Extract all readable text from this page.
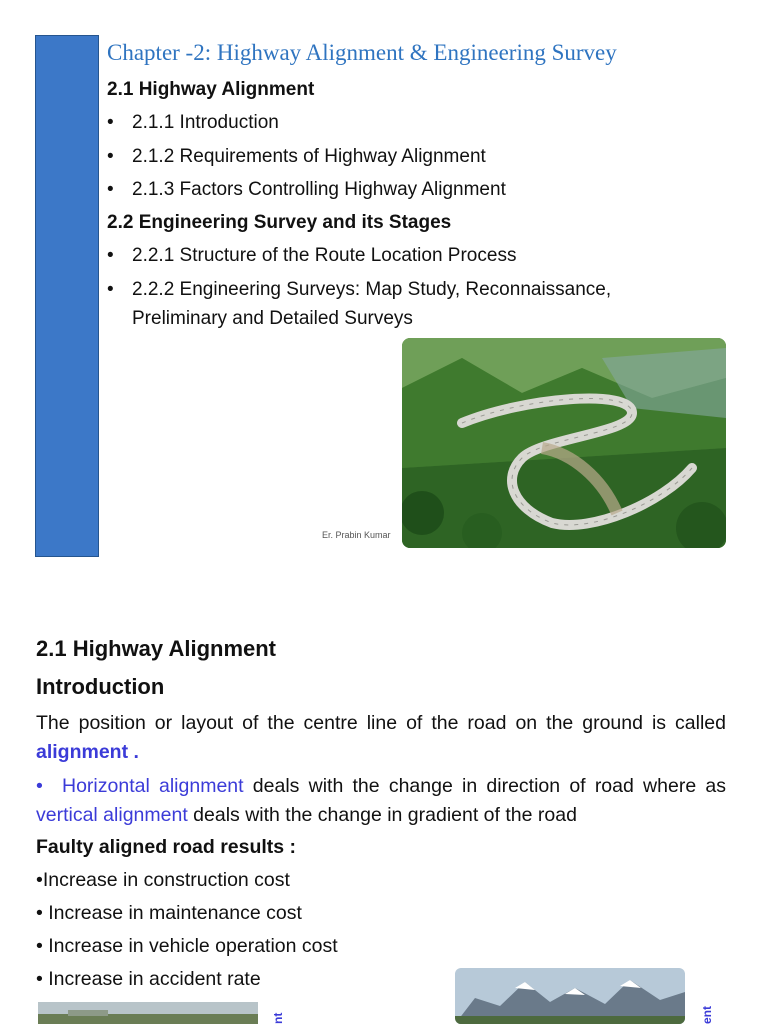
Chapter -2: Highway Alignment & Engineering Survey
2.1 Highway Alignment
• 2.1.1 Introduction
• 2.1.2 Requirements of Highway Alignment
• 2.1.3 Factors Controlling Highway Alignment
2.2 Engineering Survey and its Stages
• 2.2.1 Structure of the Route Location Process
• 2.2.2 Engineering Surveys: Map Study, Reconnaissance,
Preliminary and Detailed Surveys
Er. Prabin Kumar
2.1 Highway Alignment
Introduction
The position or layout of the centre line of the road on the ground is called alignment .
• Horizontal alignment deals with the change in direction of road where as vertical alignment deals with the change in gradient of the road
Faulty aligned road results :
•Increase in construction cost
• Increase in maintenance cost
• Increase in vehicle operation cost
• Increase in accident rate
nt	ent
